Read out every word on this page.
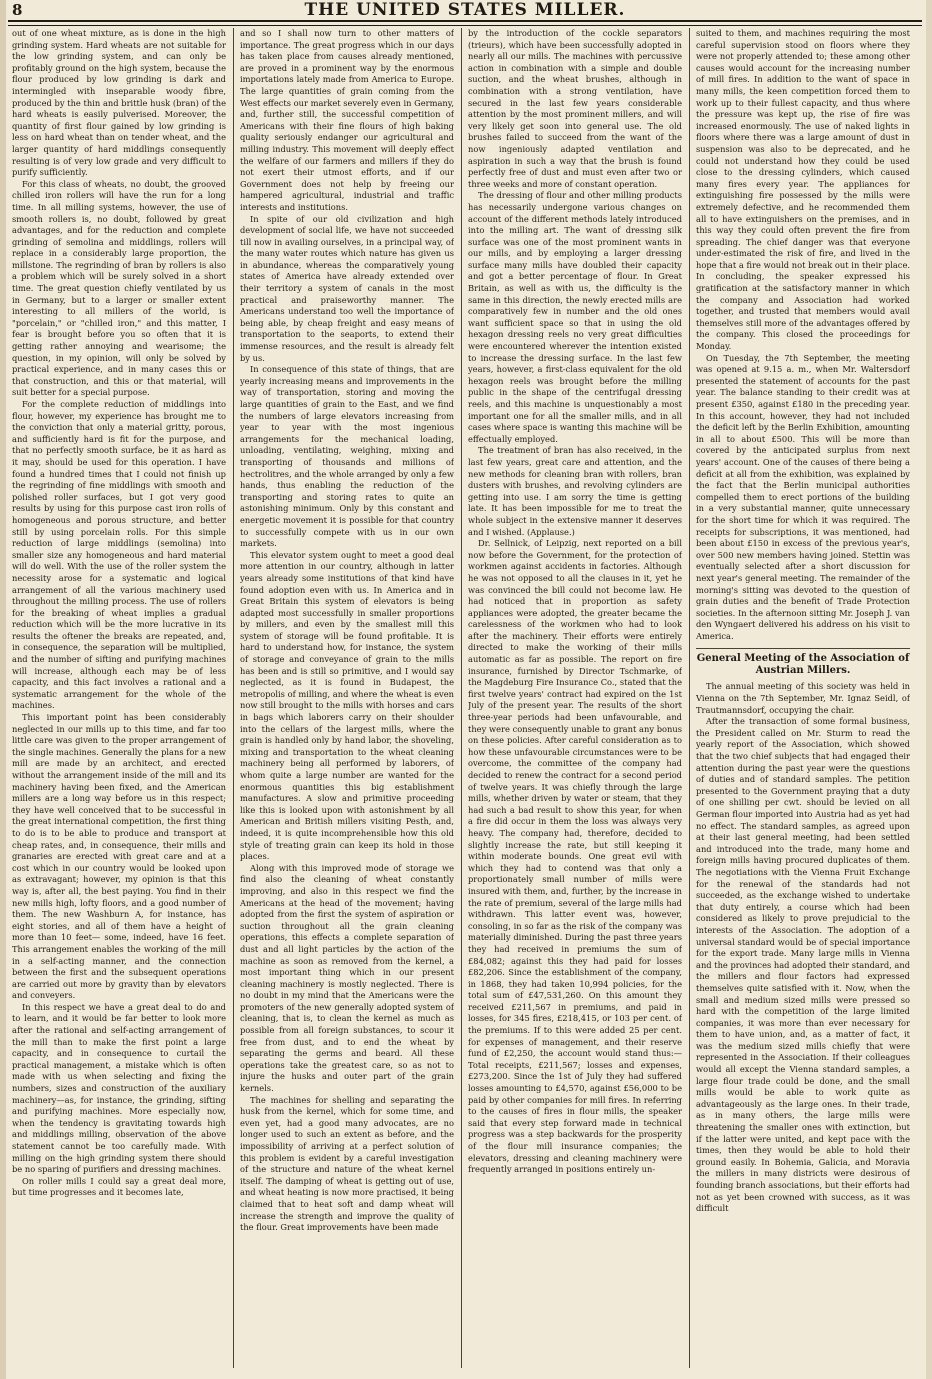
8	THE UNITED STATES MILLER.

out of one wheat mixture, as is done in the high grinding system. Hard wheats are not suitable for the low grinding system, and can only be profitably ground on the high system, because the flour produced by low grinding is dark and intermingled with inseparable woody fibre, produced by the thin and brittle husk (bran) of the hard wheats is easily pulverised. Moreover, the quantity of first flour gained by low grinding is less on hard wheat than on tender wheat, and the larger quantity of hard middlings consequently resulting is of very low grade and very difficult to purify sufficiently.

For this class of wheats, no doubt, the grooved chilled iron rollers will have the run for a long time. In all milling systems, however, the use of smooth rollers is, no doubt, followed by great advantages, and for the reduction and complete grinding of semolina and middlings, rollers will replace in a considerably large proportion, the millstone. The regrinding of bran by rollers is also a problem which will be surely solved in a short time. The great question chiefly ventilated by us in Germany, but to a larger or smaller extent interesting to all millers of the world, is "porcelain," or "chilled iron," and this matter, I fear is brought before you so often that it is getting rather annoying and wearisome; the question, in my opinion, will only be solved by practical experience, and in many cases this or that construction, and this or that material, will suit better for a special purpose.

For the complete reduction of middlings into flour, however, my experience has brought me to the conviction that only a material gritty, porous, and sufficiently hard is fit for the purpose, and that no perfectly smooth surface, be it as hard as it may, should be used for this operation. I have found a hundred times that I could not finish up the regrinding of fine middlings with smooth and polished roller surfaces, but I got very good results by using for this purpose cast iron rolls of homogeneous and porous structure, and better still by using porcelain rolls. For this simple reduction of large middlings (semolina) into smaller size any homogeneous and hard material will do well. With the use of the roller system the necessity arose for a systematic and logical arrangement of all the various machinery used throughout the milling process. The use of rollers for the breaking of wheat implies a gradual reduction which will be the more lucrative in its results the oftener the breaks are repeated, and, in consequence, the separation will be multiplied, and the number of sifting and purifying machines will increase, although each may be of less capacity, and this fact involves a rational and a systematic arrangement for the whole of the machines.

This important point has been considerably neglected in our mills up to this time, and far too little care was given to the proper arrangement of the single machines. Generally the plans for a new mill are made by an architect, and erected without the arrangement inside of the mill and its machinery having been fixed, and the American millers are a long way before us in this respect; they have well conceived that to be successful in the great international competition, the first thing to do is to be able to produce and transport at cheap rates, and, in consequence, their mills and granaries are erected with great care and at a cost which in our country would be looked upon as extravagant; however, my opinion is that this way is, after all, the best paying. You find in their new mills high, lofty floors, and a good number of them. The new Washburn A, for instance, has eight stories, and all of them have a height of more than 10 feet— some, indeed, have 16 feet. This arrangement enables the working of the mill in a self-acting manner, and the connection between the first and the subsequent operations are carried out more by gravity than by elevators and conveyers.

In this respect we have a great deal to do and to learn, and it would be far better to look more after the rational and self-acting arrangement of the mill than to make the first point a large capacity, and in consequence to curtail the practical management, a mistake which is often made with us when selecting and fixing the numbers, sizes and construction of the auxiliary machinery—as, for instance, the grinding, sifting and purifying machines. More especially now, when the tendency is gravitating towards high and middlings milling, observation of the above statement cannot be too carefully made. With milling on the high grinding system there should be no sparing of purifiers and dressing machines.

On roller mills I could say a great deal more, but time progresses and it becomes late,

and so I shall now turn to other matters of importance. The great progress which in our days has taken place from causes already mentioned, are proved in a prominent way by the enormous importations lately made from America to Europe. The large quantities of grain coming from the West effects our market severely even in Germany, and, further still, the successful competition of Americans with their fine flours of high baking quality seriously endanger our agricultural and milling industry. This movement will deeply effect the welfare of our farmers and millers if they do not exert their utmost efforts, and if our Government does not help by freeing our hampered agricultural, industrial and traffic interests and institutions.

In spite of our old civilization and high development of social life, we have not succeeded till now in availing ourselves, in a principal way, of the many water routes which nature has given us in abundance, whereas the comparatively young states of America have already extended over their territory a system of canals in the most practical and praiseworthy manner. The Americans understand too well the importance of being able, by cheap freight and easy means of transportation to the seaports, to extend their immense resources, and the result is already felt by us.

In consequence of this state of things, that are yearly increasing means and improvements in the way of transportation, storing and moving the large quantities of grain to the East, and we find the numbers of large elevators increasing from year to year with the most ingenious arrangements for the mechanical loading, unloading, ventilating, weighing, mixing and transporting of thousands and millions of hectrolitres, and the whole arranged by only a few hands, thus enabling the reduction of the transporting and storing rates to quite an astonishing minimum. Only by this constant and energetic movement it is possible for that country to successfully compete with us in our own markets.

This elevator system ought to meet a good deal more attention in our country, although in latter years already some institutions of that kind have found adoption even with us. In America and in Great Britain this system of elevators is being adapted most successfully in smaller proportions by millers, and even by the smallest mill this system of storage will be found profitable. It is hard to understand how, for instance, the system of storage and conveyance of grain to the mills has been and is still so primitive, and I would say neglected, as it is found in Budapest, the metropolis of milling, and where the wheat is even now still brought to the mills with horses and cars in bags which laborers carry on their shoulder into the cellars of the largest mills, where the grain is handled only by hand labor, the shoveling, mixing and transportation to the wheat cleaning machinery being all performed by laborers, of whom quite a large number are wanted for the enormous quantities this big establishment manufactures. A slow and primitive proceeding like this is looked upon with astonishment by all American and British millers visiting Pesth, and, indeed, it is quite incomprehensible how this old style of treating grain can keep its hold in those places.

Along with this improved mode of storage we find also the cleaning of wheat constantly improving, and also in this respect we find the Americans at the head of the movement; having adopted from the first the system of aspiration or suction throughout all the grain cleaning operations, this effects a complete separation of dust and all light particles by the action of the machine as soon as removed from the kernel, a most important thing which in our present cleaning machinery is mostly neglected. There is no doubt in my mind that the Americans were the promoters of the new generally adopted system of cleaning, that is, to clean the kernel as much as possible from all foreign substances, to scour it free from dust, and to end the wheat by separating the germs and beard. All these operations take the greatest care, so as not to injure the husks and outer part of the grain kernels.

The machines for shelling and separating the husk from the kernel, which for some time, and even yet, had a good many advocates, are no longer used to such an extent as before, and the impossibility of arriving at a perfect solution of this problem is evident by a careful investigation of the structure and nature of the wheat kernel itself. The damping of wheat is getting out of use, and wheat heating is now more practised, it being claimed that to heat soft and damp wheat will increase the strength and improve the quality of the flour. Great improvements have been made

by the introduction of the cockle separators (trieurs), which have been successfully adopted in nearly all our mills. The machines with percussive action in combination with a simple and double suction, and the wheat brushes, although in combination with a strong ventilation, have secured in the last few years considerable attention by the most prominent millers, and will very likely get soon into general use. The old brushes failed to succeed from the want of the now ingeniously adapted ventilation and aspiration in such a way that the brush is found perfectly free of dust and must even after two or three weeks and more of constant operation.

The dressing of flour and other milling products has necessarily undergone various changes on account of the different methods lately introduced into the milling art. The want of dressing silk surface was one of the most prominent wants in our mills, and by employing a larger dressing surface many mills have doubled their capacity and got a better percentage of flour. In Great Britain, as well as with us, the difficulty is the same in this direction, the newly erected mills are comparatively few in number and the old ones want sufficient space so that in using the old hexagon dressing reels no very great difficulties were encountered wherever the intention existed to increase the dressing surface. In the last few years, however, a first-class equivalent for the old hexagon reels was brought before the milling public in the shape of the centrifugal dressing reels, and this machine is unquestionably a most important one for all the smaller mills, and in all cases where space is wanting this machine will be effectually employed.

The treatment of bran has also received, in the last few years, great care and attention, and the new methods for cleaning bran with rollers, bran dusters with brushes, and revolving cylinders are getting into use. I am sorry the time is getting late. It has been impossible for me to treat the whole subject in the extensive manner it deserves and I wished. (Applause.)

Dr. Sellnick, of Leipzig, next reported on a bill now before the Government, for the protection of workmen against accidents in factories. Although he was not opposed to all the clauses in it, yet he was convinced the bill could not become law. He had noticed that in proportion as safety appliances were adopted, the greater became the carelessness of the workmen who had to look after the machinery. Their efforts were entirely directed to make the working of their mills automatic as far as possible. The report on fire insurance, furnished by Director Tschmarke, of the Magdeburg Fire Insurance Co., stated that the first twelve years' contract had expired on the 1st July of the present year. The results of the short three-year periods had been unfavourable, and they were consequently unable to grant any bonus on these policies. After careful consideration as to how these unfavourable circumstances were to be overcome, the committee of the company had decided to renew the contract for a second period of twelve years. It was chiefly through the large mills, whether driven by water or steam, that they had such a bad result to show this year, for when a fire did occur in them the loss was always very heavy. The company had, therefore, decided to slightly increase the rate, but still keeping it within moderate bounds. One great evil with which they had to contend was that only a proportionately small number of mills were insured with them, and, further, by the increase in the rate of premium, several of the large mills had withdrawn. This latter event was, however, consoling, in so far as the risk of the company was materially diminished. During the past three years they had received in premiums the sum of £84,082; against this they had paid for losses £82,206. Since the establishment of the company, in 1868, they had taken 10,994 policies, for the total sum of £47,531,260. On this amount they received £211,567 in premiums, and paid in losses, for 345 fires, £218,415, or 103 per cent. of the premiums. If to this were added 25 per cent. for expenses of management, and their reserve fund of £2,250, the account would stand thus:—Total receipts, £211,567; losses and expenses, £273,200. Since the 1st of July they had suffered losses amounting to £4,570, against £56,000 to be paid by other companies for mill fires. In referring to the causes of fires in flour mills, the speaker said that every step forward made in technical progress was a step backwards for the prosperity of the flour mill insurance companies; the elevators, dressing and cleaning machinery were frequently arranged in positions entirely un-

suited to them, and machines requiring the most careful supervision stood on floors where they were not properly attended to; these among other causes would account for the increasing number of mill fires. In addition to the want of space in many mills, the keen competition forced them to work up to their fullest capacity, and thus where the pressure was kept up, the rise of fire was increased enormously. The use of naked lights in floors where there was a large amount of dust in suspension was also to be deprecated, and he could not understand how they could be used close to the dressing cylinders, which caused many fires every year. The appliances for extinguishing fire possessed by the mills were extremely defective, and he recommended them all to have extinguishers on the premises, and in this way they could often prevent the fire from spreading. The chief danger was that everyone under-estimated the risk of fire, and lived in the hope that a fire would not break out in their place. In concluding, the speaker expressed his gratification at the satisfactory manner in which the company and Association had worked together, and trusted that members would avail themselves still more of the advantages offered by the company. This closed the proceedings for Monday.

On Tuesday, the 7th September, the meeting was opened at 9.15 a. m., when Mr. Waltersdorf presented the statement of accounts for the past year. The balance standing to their credit was at present £350, against £180 in the preceding year. In this account, however, they had not included the deficit left by the Berlin Exhibition, amounting in all to about £500. This will be more than covered by the anticipated surplus from next years' account. One of the causes of there being a deficit at all from the exhibition, was explained by the fact that the Berlin municipal authorities compelled them to erect portions of the building in a very substantial manner, quite unnecessary for the short time for which it was required. The receipts for subscriptions, it was mentioned, had been about £150 in excess of the previous year's, over 500 new members having joined. Stettin was eventually selected after a short discussion for next year's general meeting. The remainder of the morning's sitting was devoted to the question of grain duties and the benefit of Trade Protection societies. In the afternoon sitting Mr. Joseph J. van den Wyngaert delivered his address on his visit to America.

General Meeting of the Association of Austrian Millers.

The annual meeting of this society was held in Vienna on the 7th September, Mr. Ignaz Seidl, of Trautmannsdorf, occupying the chair.

After the transaction of some formal business, the President called on Mr. Sturm to read the yearly report of the Association, which showed that the two chief subjects that had engaged their attention during the past year were the questions of duties and of standard samples. The petition presented to the Government praying that a duty of one shilling per cwt. should be levied on all German flour imported into Austria had as yet had no effect. The standard samples, as agreed upon at their last general meeting, had been settled and introduced into the trade, many home and foreign mills having procured duplicates of them. The negotiations with the Vienna Fruit Exchange for the renewal of the standards had not succeeded, as the exchange wished to undertake that duty entirely, a course which had been considered as likely to prove prejudicial to the interests of the Association. The adoption of a universal standard would be of special importance for the export trade. Many large mills in Vienna and the provinces had adopted their standard, and the millers and flour factors had expressed themselves quite satisfied with it. Now, when the small and medium sized mills were pressed so hard with the competition of the large limited companies, it was more than ever necessary for them to have union, and, as a matter of fact, it was the medium sized mills chiefly that were represented in the Association. If their colleagues would all except the Vienna standard samples, a large flour trade could be done, and the small mills would be able to work quite as advantageously as the large ones. In their trade, as in many others, the large mills were threatening the smaller ones with extinction, but if the latter were united, and kept pace with the times, then they would be able to hold their ground easily. In Bohemia, Galicia, and Moravia the millers in many districts were desirous of founding branch associations, but their efforts had not as yet been crowned with success, as it was difficult
